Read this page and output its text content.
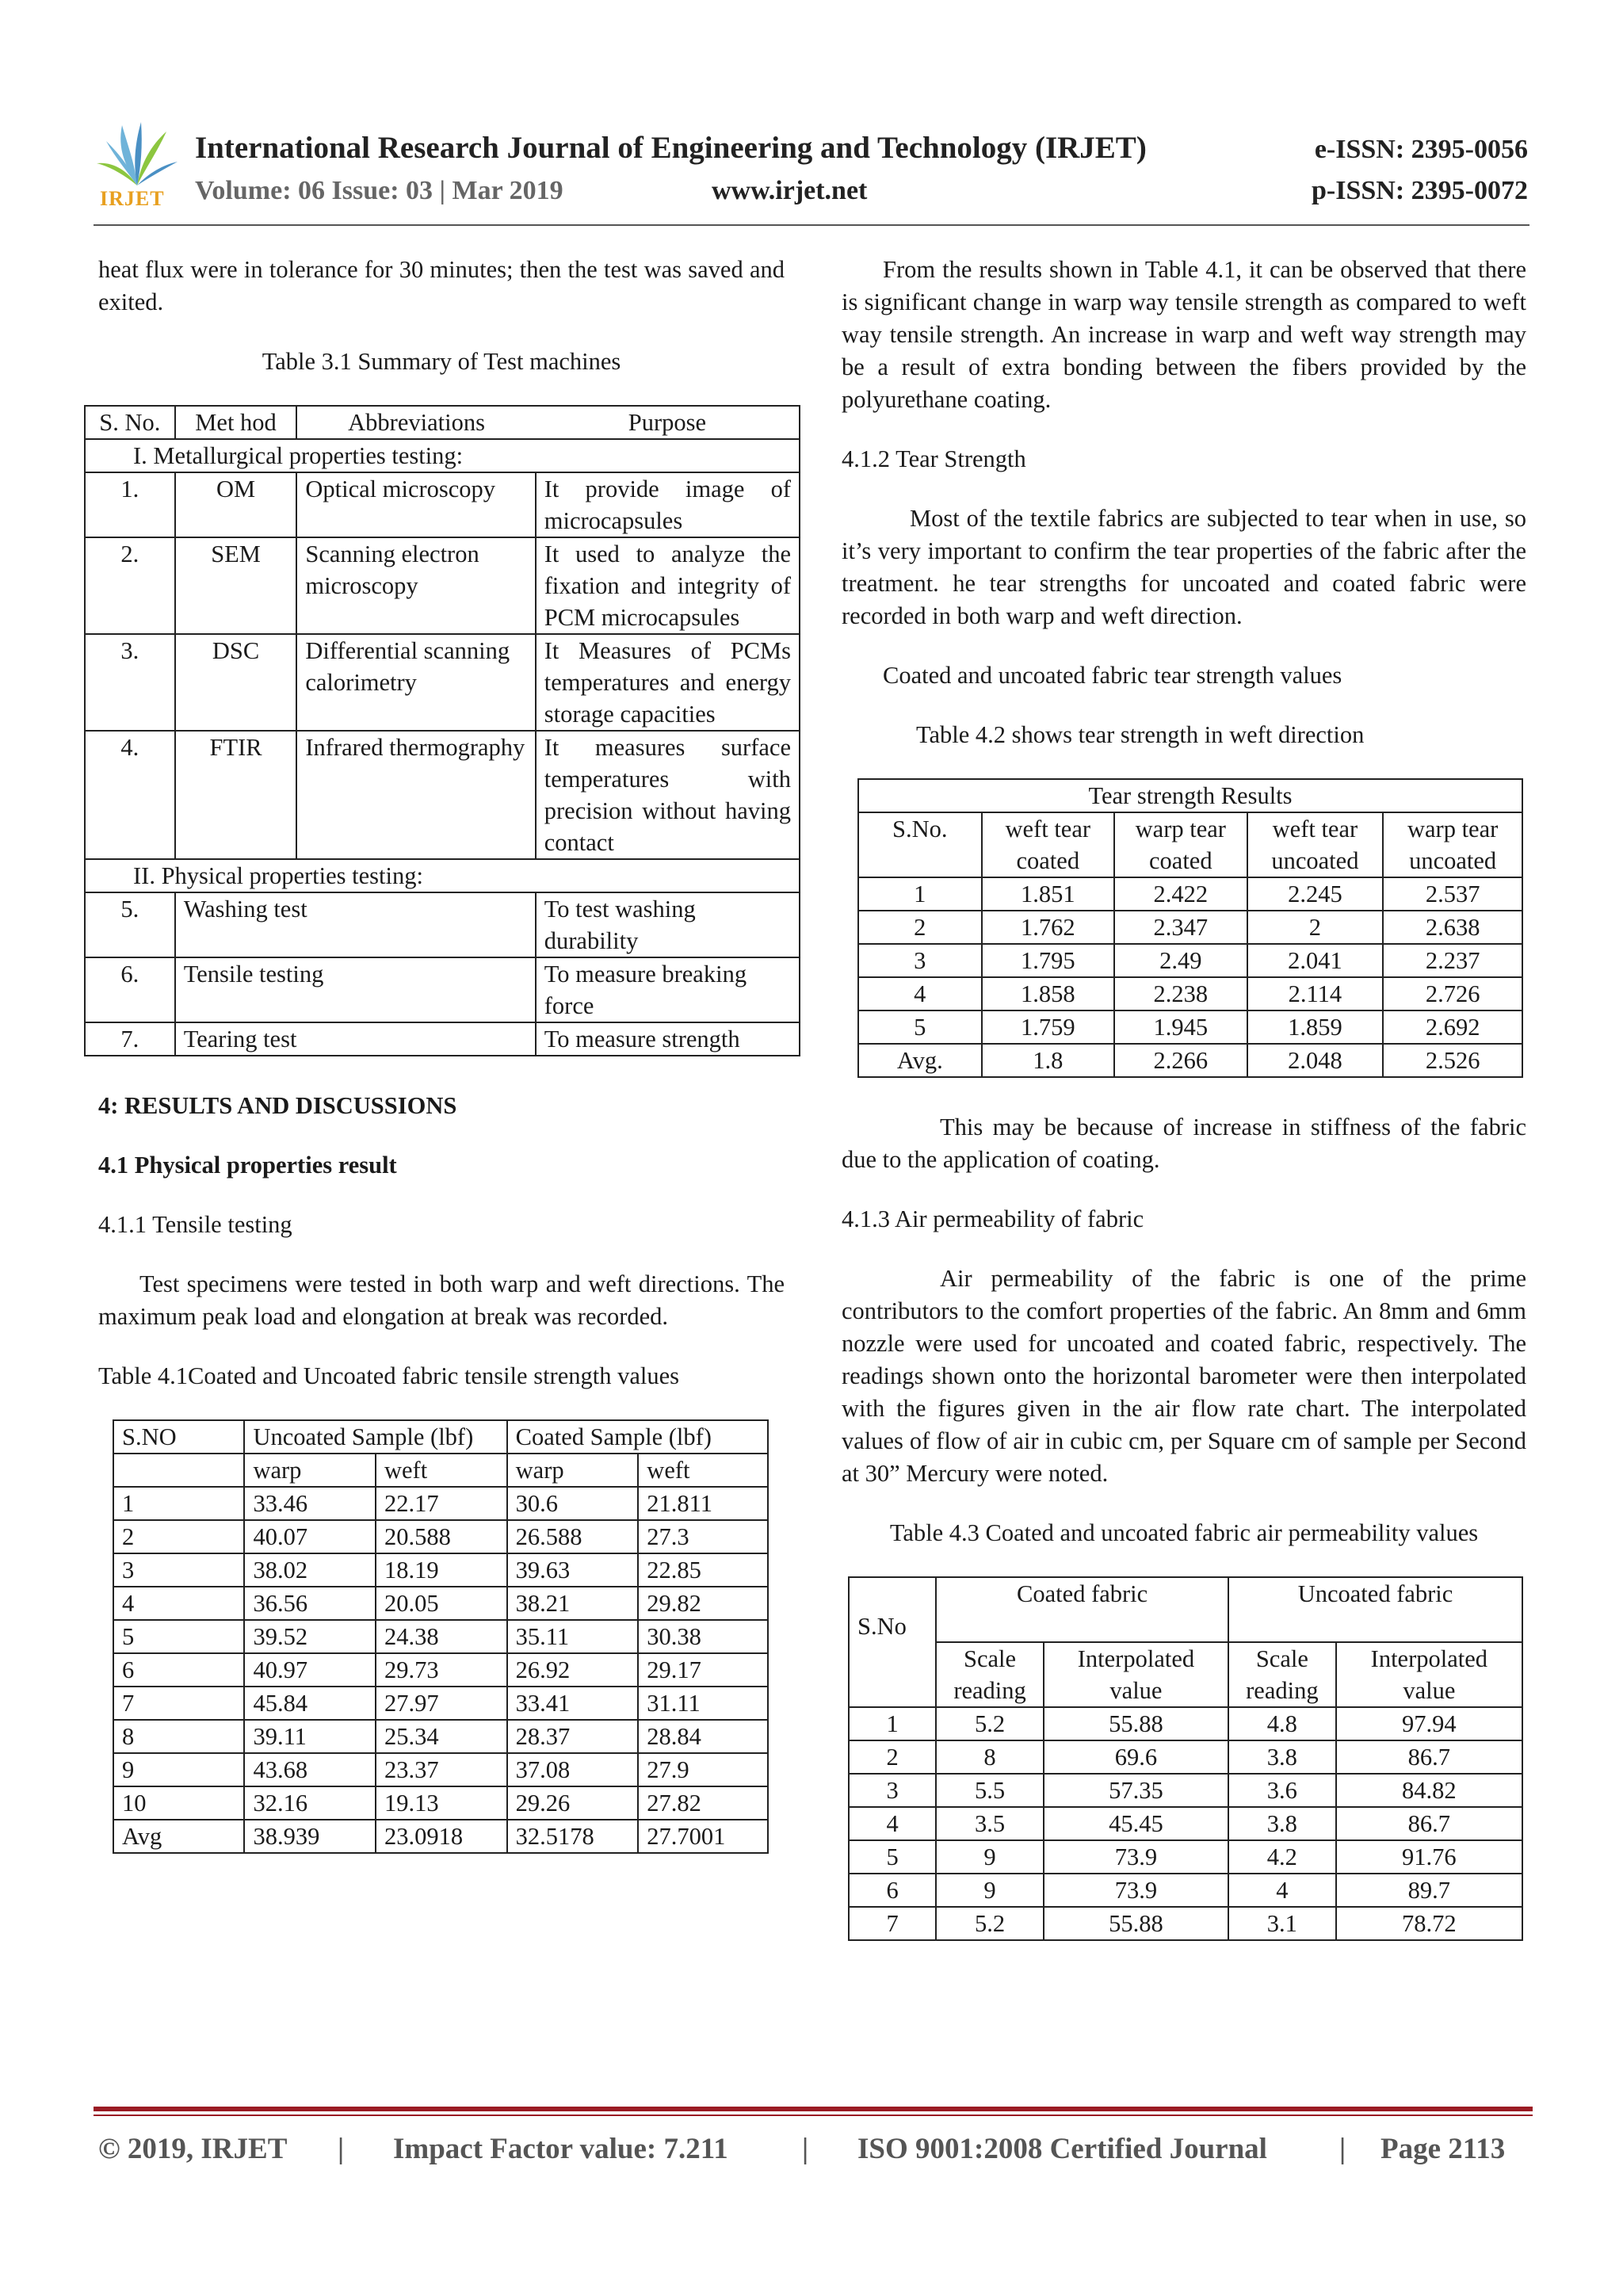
IRJET
International Research Journal of Engineering and Technology (IRJET)	e-ISSN: 2395-0056
Volume: 06 Issue: 03 | Mar 2019	www.irjet.net	p-ISSN: 2395-0072

heat flux were in tolerance for 30 minutes; then the test was saved and exited.

Table 3.1 Summary of Test machines

S. No.	Met hod	Abbreviations	Purpose
I. Metallurgical properties testing:			
1.	OM	Optical microscopy	It provide image of microcapsules
2.	SEM	Scanning electron microscopy	It used to analyze the fixation and integrity of PCM microcapsules
3.	DSC	Differential scanning calorimetry	It Measures of PCMs temperatures and energy storage capacities
4.	FTIR	Infrared thermography	It measures surface temperatures with precision without having contact
II. Physical properties testing:			
5.	Washing test		To test washing durability
6.	Tensile testing		To measure breaking force
7.	Tearing test		To measure strength
4: RESULTS AND DISCUSSIONS
4.1 Physical properties result

4.1.1 Tensile testing

Test specimens were tested in both warp and weft directions. The maximum peak load and elongation at break was recorded.

Table 4.1Coated and Uncoated fabric tensile strength values

S.NO	Uncoated Sample (lbf)		Coated Sample (lbf)	
	warp	weft	warp	weft
1	33.46	22.17	30.6	21.811
2	40.07	20.588	26.588	27.3
3	38.02	18.19	39.63	22.85
4	36.56	20.05	38.21	29.82
5	39.52	24.38	35.11	30.38
6	40.97	29.73	26.92	29.17
7	45.84	27.97	33.41	31.11
8	39.11	25.34	28.37	28.84
9	43.68	23.37	37.08	27.9
10	32.16	19.13	29.26	27.82
Avg	38.939	23.0918	32.5178	27.7001

From the results shown in Table 4.1, it can be observed that there is significant change in warp way tensile strength as compared to weft way tensile strength. An increase in warp and weft way strength may be a result of extra bonding between the fibers provided by the polyurethane coating.

4.1.2 Tear Strength

Most of the textile fabrics are subjected to tear when in use, so it’s very important to confirm the tear properties of the fabric after the treatment. he tear strengths for uncoated and coated fabric were recorded in both warp and weft direction.

Coated and uncoated fabric tear strength values

Table 4.2 shows tear strength in weft direction

Tear strength Results				
S.No.	weft tear coated	warp tear coated	weft tear uncoated	warp tear uncoated
1	1.851	2.422	2.245	2.537
2	1.762	2.347	2	2.638
3	1.795	2.49	2.041	2.237
4	1.858	2.238	2.114	2.726
5	1.759	1.945	1.859	2.692
Avg.	1.8	2.266	2.048	2.526

This may be because of increase in stiffness of the fabric due to the application of coating.

4.1.3 Air permeability of fabric

Air permeability of the fabric is one of the prime contributors to the comfort properties of the fabric. An 8mm and 6mm nozzle were used for uncoated and coated fabric, respectively. The readings shown onto the horizontal barometer were then interpolated with the figures given in the air flow rate chart. The interpolated values of flow of air in cubic cm, per Square cm of sample per Second at 30” Mercury were noted.

Table 4.3 Coated and uncoated fabric air permeability values

S.No	Coated fabric		Uncoated fabric	
	Scale reading	Interpolated value	Scale reading	Interpolated value
1	5.2	55.88	4.8	97.94
2	8	69.6	3.8	86.7
3	5.5	57.35	3.6	84.82
4	3.5	45.45	3.8	86.7
5	9	73.9	4.2	91.76
6	9	73.9	4	89.7
7	5.2	55.88	3.1	78.72
© 2019, IRJET | Impact Factor value: 7.211	| ISO 9001:2008 Certified Journal | Page 2113
